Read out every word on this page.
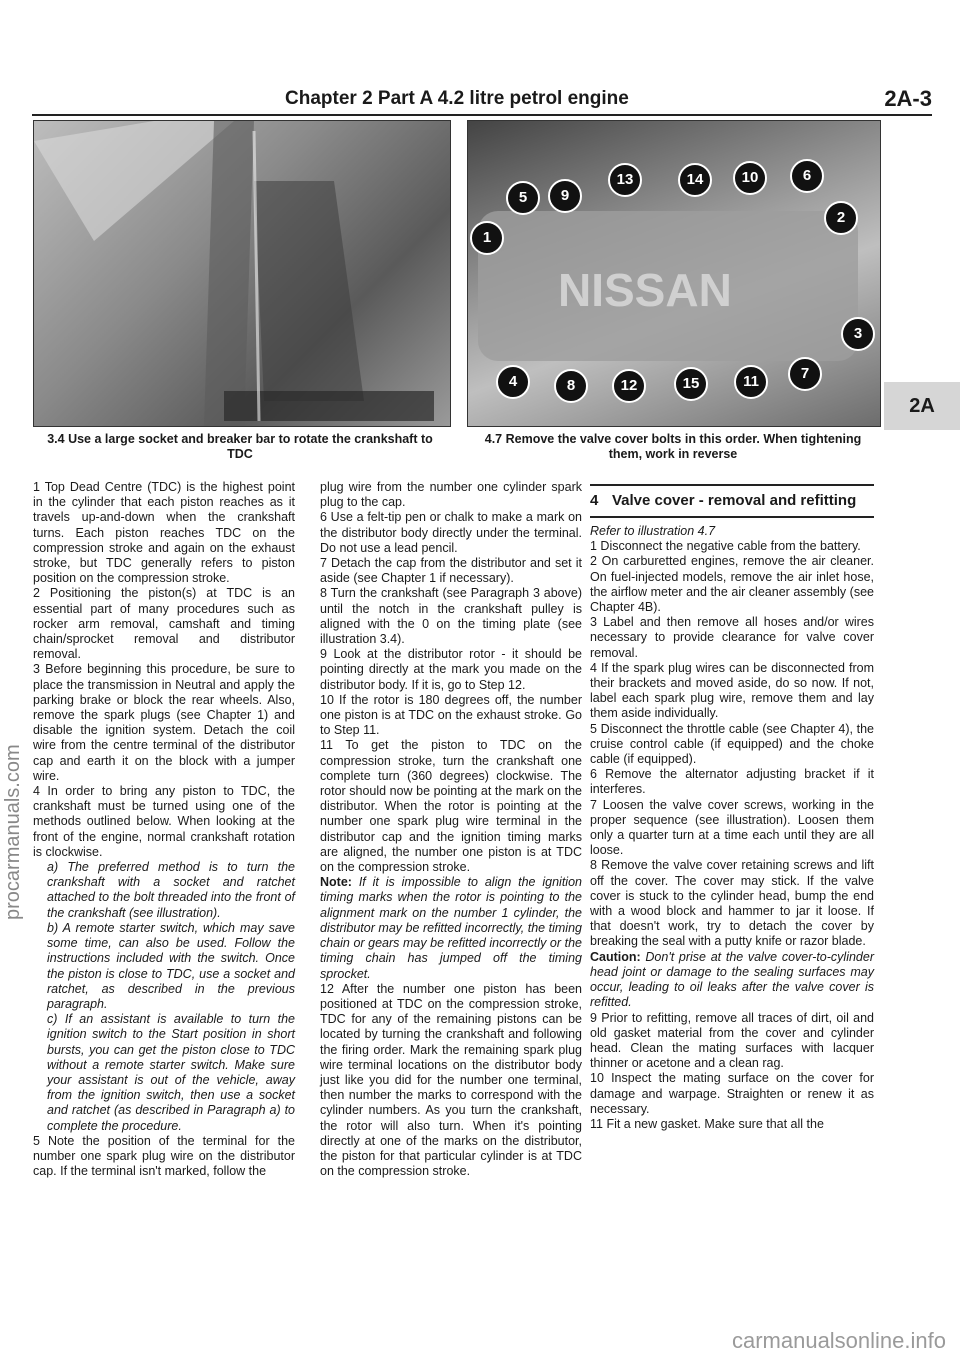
Chapter 2 Part A 4.2 litre petrol engine	2A-3
NISSAN
5	9
13	14	10	6
2
1
3
4	8	12	15	11	7
3.4 Use a large socket and breaker bar to rotate the crankshaft to TDC
4.7 Remove the valve cover bolts in this order. When tightening them, work in reverse
2A

1 Top Dead Centre (TDC) is the highest point in the cylinder that each piston reaches as it travels up-and-down when the crankshaft turns. Each piston reaches TDC on the compression stroke and again on the exhaust stroke, but TDC generally refers to piston position on the compression stroke.

2 Positioning the piston(s) at TDC is an essential part of many procedures such as rocker arm removal, camshaft and timing chain/sprocket removal and distributor removal.

3 Before beginning this procedure, be sure to place the transmission in Neutral and apply the parking brake or block the rear wheels. Also, remove the spark plugs (see Chapter 1) and disable the ignition system. Detach the coil wire from the centre terminal of the distributor cap and earth it on the block with a jumper wire.

4 In order to bring any piston to TDC, the crankshaft must be turned using one of the methods outlined below. When looking at the front of the engine, normal crankshaft rotation is clockwise.

a) The preferred method is to turn the crankshaft with a socket and ratchet attached to the bolt threaded into the front of the crankshaft (see illustration).

b) A remote starter switch, which may save some time, can also be used. Follow the instructions included with the switch. Once the piston is close to TDC, use a socket and ratchet, as described in the previous paragraph.

c) If an assistant is available to turn the ignition switch to the Start position in short bursts, you can get the piston close to TDC without a remote starter switch. Make sure your assistant is out of the vehicle, away from the ignition switch, then use a socket and ratchet (as described in Paragraph a) to complete the procedure.

5 Note the position of the terminal for the number one spark plug wire on the distributor cap. If the terminal isn't marked, follow the

plug wire from the number one cylinder spark plug to the cap.

6 Use a felt-tip pen or chalk to make a mark on the distributor body directly under the terminal. Do not use a lead pencil.

7 Detach the cap from the distributor and set it aside (see Chapter 1 if necessary).

8 Turn the crankshaft (see Paragraph 3 above) until the notch in the crankshaft pulley is aligned with the 0 on the timing plate (see illustration 3.4).

9 Look at the distributor rotor - it should be pointing directly at the mark you made on the distributor body. If it is, go to Step 12.

10 If the rotor is 180 degrees off, the number one piston is at TDC on the exhaust stroke. Go to Step 11.

11 To get the piston to TDC on the compression stroke, turn the crankshaft one complete turn (360 degrees) clockwise. The rotor should now be pointing at the mark on the distributor. When the rotor is pointing at the number one spark plug wire terminal in the distributor cap and the ignition timing marks are aligned, the number one piston is at TDC on the compression stroke.

Note: If it is impossible to align the ignition timing marks when the rotor is pointing to the alignment mark on the number 1 cylinder, the distributor may be refitted incorrectly, the timing chain or gears may be refitted incorrectly or the timing chain has jumped off the timing sprocket.

12 After the number one piston has been positioned at TDC on the compression stroke, TDC for any of the remaining pistons can be located by turning the crankshaft and following the firing order. Mark the remaining spark plug wire terminal locations on the distributor body just like you did for the number one terminal, then number the marks to correspond with the cylinder numbers. As you turn the crankshaft, the rotor will also turn. When it's pointing directly at one of the marks on the distributor, the piston for that particular cylinder is at TDC on the compression stroke.

4 Valve cover - removal and refitting

Refer to illustration 4.7

1 Disconnect the negative cable from the battery.

2 On carburetted engines, remove the air cleaner. On fuel-injected models, remove the air inlet hose, the airflow meter and the air cleaner assembly (see Chapter 4B).

3 Label and then remove all hoses and/or wires necessary to provide clearance for valve cover removal.

4 If the spark plug wires can be disconnected from their brackets and moved aside, do so now. If not, label each spark plug wire, remove them and lay them aside individually.

5 Disconnect the throttle cable (see Chapter 4), the cruise control cable (if equipped) and the choke cable (if equipped).

6 Remove the alternator adjusting bracket if it interferes.

7 Loosen the valve cover screws, working in the proper sequence (see illustration). Loosen them only a quarter turn at a time each until they are all loose.

8 Remove the valve cover retaining screws and lift off the cover. The cover may stick. If the valve cover is stuck to the cylinder head, bump the end with a wood block and hammer to jar it loose. If that doesn't work, try to detach the cover by breaking the seal with a putty knife or razor blade.

Caution: Don't prise at the valve cover-to-cylinder head joint or damage to the sealing surfaces may occur, leading to oil leaks after the valve cover is refitted.

9 Prior to refitting, remove all traces of dirt, oil and old gasket material from the cover and cylinder head. Clean the mating surfaces with lacquer thinner or acetone and a clean rag.

10 Inspect the mating surface on the cover for damage and warpage. Straighten or renew it as necessary.

11 Fit a new gasket. Make sure that all the

procarmanuals.com
carmanualsonline.info
